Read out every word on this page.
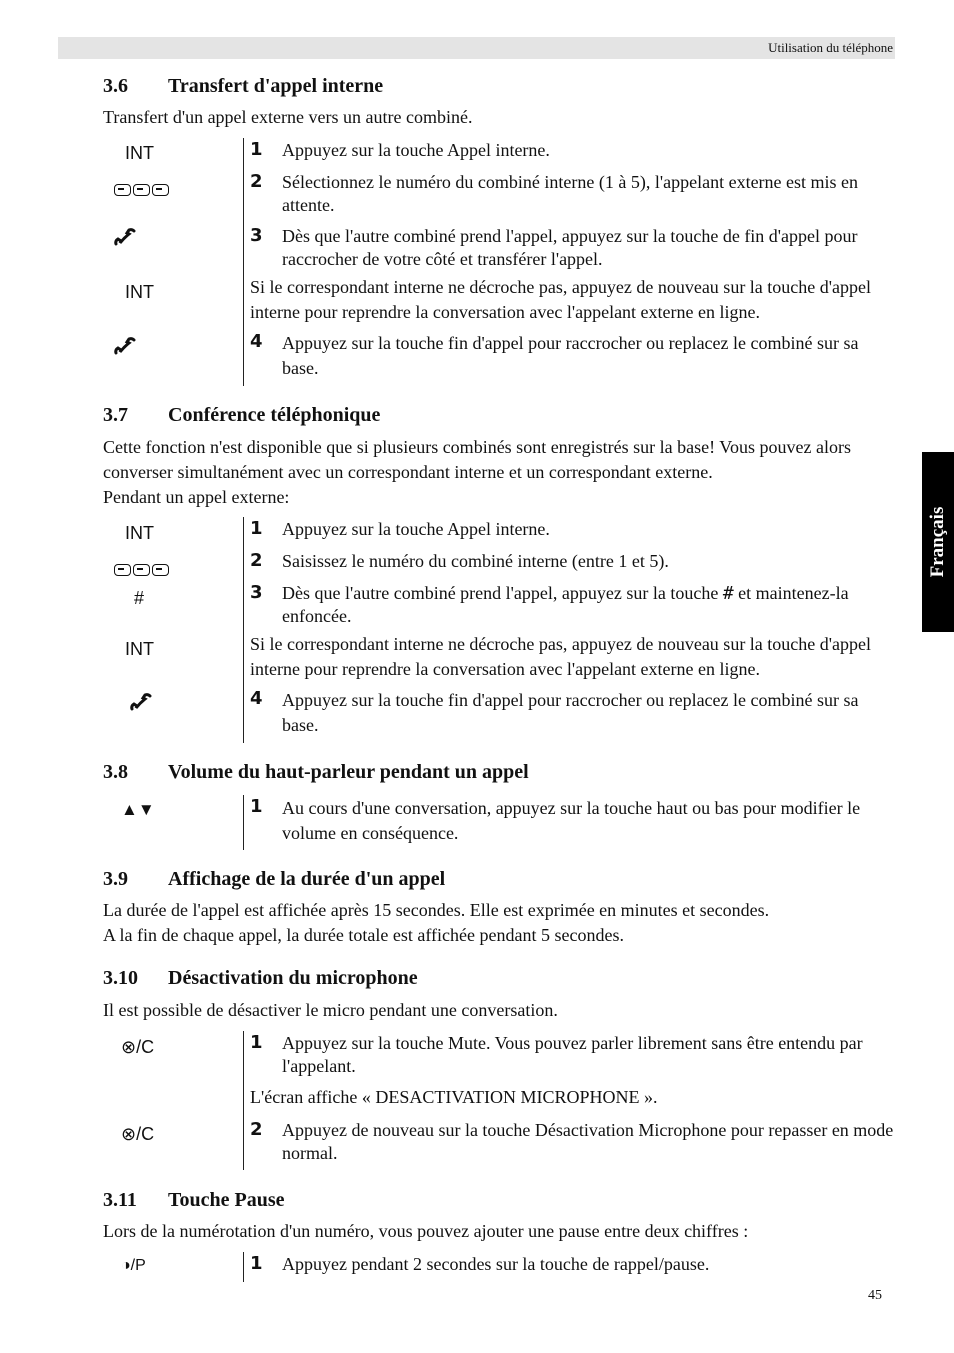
Utilisation du téléphone
Français
3.6 Transfert d'appel interne
Transfert d'un appel externe vers un autre combiné.
INT	1 Appuyez sur la touche Appel interne.
2 Sélectionnez le numéro du combiné interne (1 à 5), l'appelant externe est mis en attente.
3 Dès que l'autre combiné prend l'appel, appuyez sur la touche de fin d'appel pour raccrocher de votre côté et transférer l'appel.
INT	Si le correspondant interne ne décroche pas, appuyez de nouveau sur la touche d'appel interne pour reprendre la conversation avec l'appelant externe en ligne.
4 Appuyez sur la touche fin d'appel pour raccrocher ou replacez le combiné sur sa base.
3.7 Conférence téléphonique
Cette fonction n'est disponible que si plusieurs combinés sont enregistrés sur la base! Vous pouvez alors converser simultanément avec un correspondant interne et un correspondant externe.
Pendant un appel externe:
INT	1 Appuyez sur la touche Appel interne.
2 Saisissez le numéro du combiné interne (entre 1 et 5).
#	3 Dès que l'autre combiné prend l'appel, appuyez sur la touche # et maintenez-la enfoncée.
INT	Si le correspondant interne ne décroche pas, appuyez de nouveau sur la touche d'appel interne pour reprendre la conversation avec l'appelant externe en ligne.
4 Appuyez sur la touche fin d'appel pour raccrocher ou replacez le combiné sur sa base.
3.8 Volume du haut-parleur pendant un appel
▲▼	1 Au cours d'une conversation, appuyez sur la touche haut ou bas pour modifier le volume en conséquence.
3.9 Affichage de la durée d'un appel
La durée de l'appel est affichée après 15 secondes. Elle est exprimée en minutes et secondes.
A la fin de chaque appel, la durée totale est affichée pendant 5 secondes.
3.10 Désactivation du microphone
Il est possible de désactiver le micro pendant une conversation.
⊗/C	1 Appuyez sur la touche Mute. Vous pouvez parler librement sans être entendu par l'appelant.
L'écran affiche « DESACTIVATION MICROPHONE ».
⊗/C	2 Appuyez de nouveau sur la touche Désactivation Microphone pour repasser en mode normal.
3.11 Touche Pause
Lors de la numérotation d'un numéro, vous pouvez ajouter une pause entre deux chiffres :
◑/P	1 Appuyez pendant 2 secondes sur la touche de rappel/pause.
45
